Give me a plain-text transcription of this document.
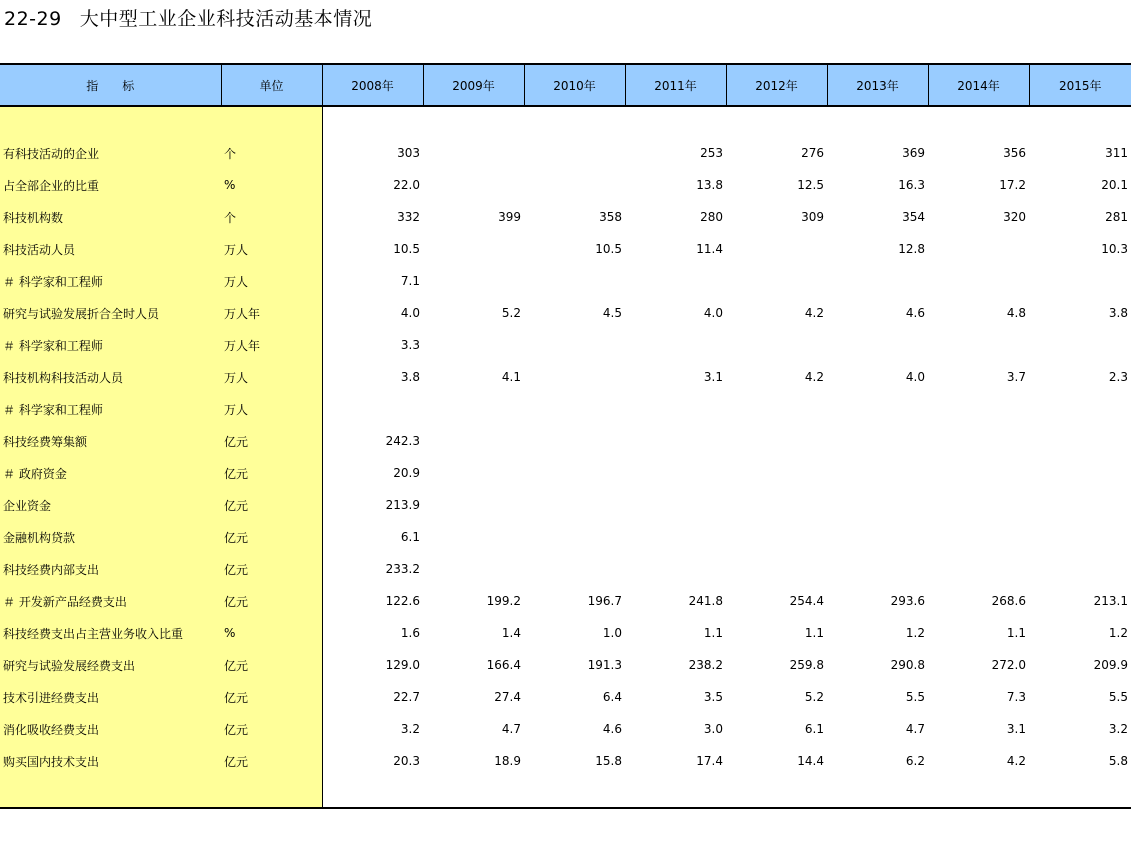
22-29 大中型工业企业科技活动基本情况
指　　标	单位	2008年	2009年	2010年	2011年	2012年	2013年	2014年	2015年

有科技活动的企业	个	303			253	276	369	356	311
占全部企业的比重	%	22.0			13.8	12.5	16.3	17.2	20.1
科技机构数	个	332	399	358	280	309	354	320	281
科技活动人员	万人	10.5		10.5	11.4		12.8		10.3
＃ 科学家和工程师	万人	7.1							
研究与试验发展折合全时人员	万人年	4.0	5.2	4.5	4.0	4.2	4.6	4.8	3.8
＃ 科学家和工程师	万人年	3.3							
科技机构科技活动人员	万人	3.8	4.1		3.1	4.2	4.0	3.7	2.3
＃ 科学家和工程师	万人								
科技经费筹集额	亿元	242.3							
＃ 政府资金	亿元	20.9							
企业资金	亿元	213.9							
金融机构贷款	亿元	6.1							
科技经费内部支出	亿元	233.2							
＃ 开发新产品经费支出	亿元	122.6	199.2	196.7	241.8	254.4	293.6	268.6	213.1
科技经费支出占主营业务收入比重	%	1.6	1.4	1.0	1.1	1.1	1.2	1.1	1.2
研究与试验发展经费支出	亿元	129.0	166.4	191.3	238.2	259.8	290.8	272.0	209.9
技术引进经费支出	亿元	22.7	27.4	6.4	3.5	5.2	5.5	7.3	5.5
消化吸收经费支出	亿元	3.2	4.7	4.6	3.0	6.1	4.7	3.1	3.2
购买国内技术支出	亿元	20.3	18.9	15.8	17.4	14.4	6.2	4.2	5.8
